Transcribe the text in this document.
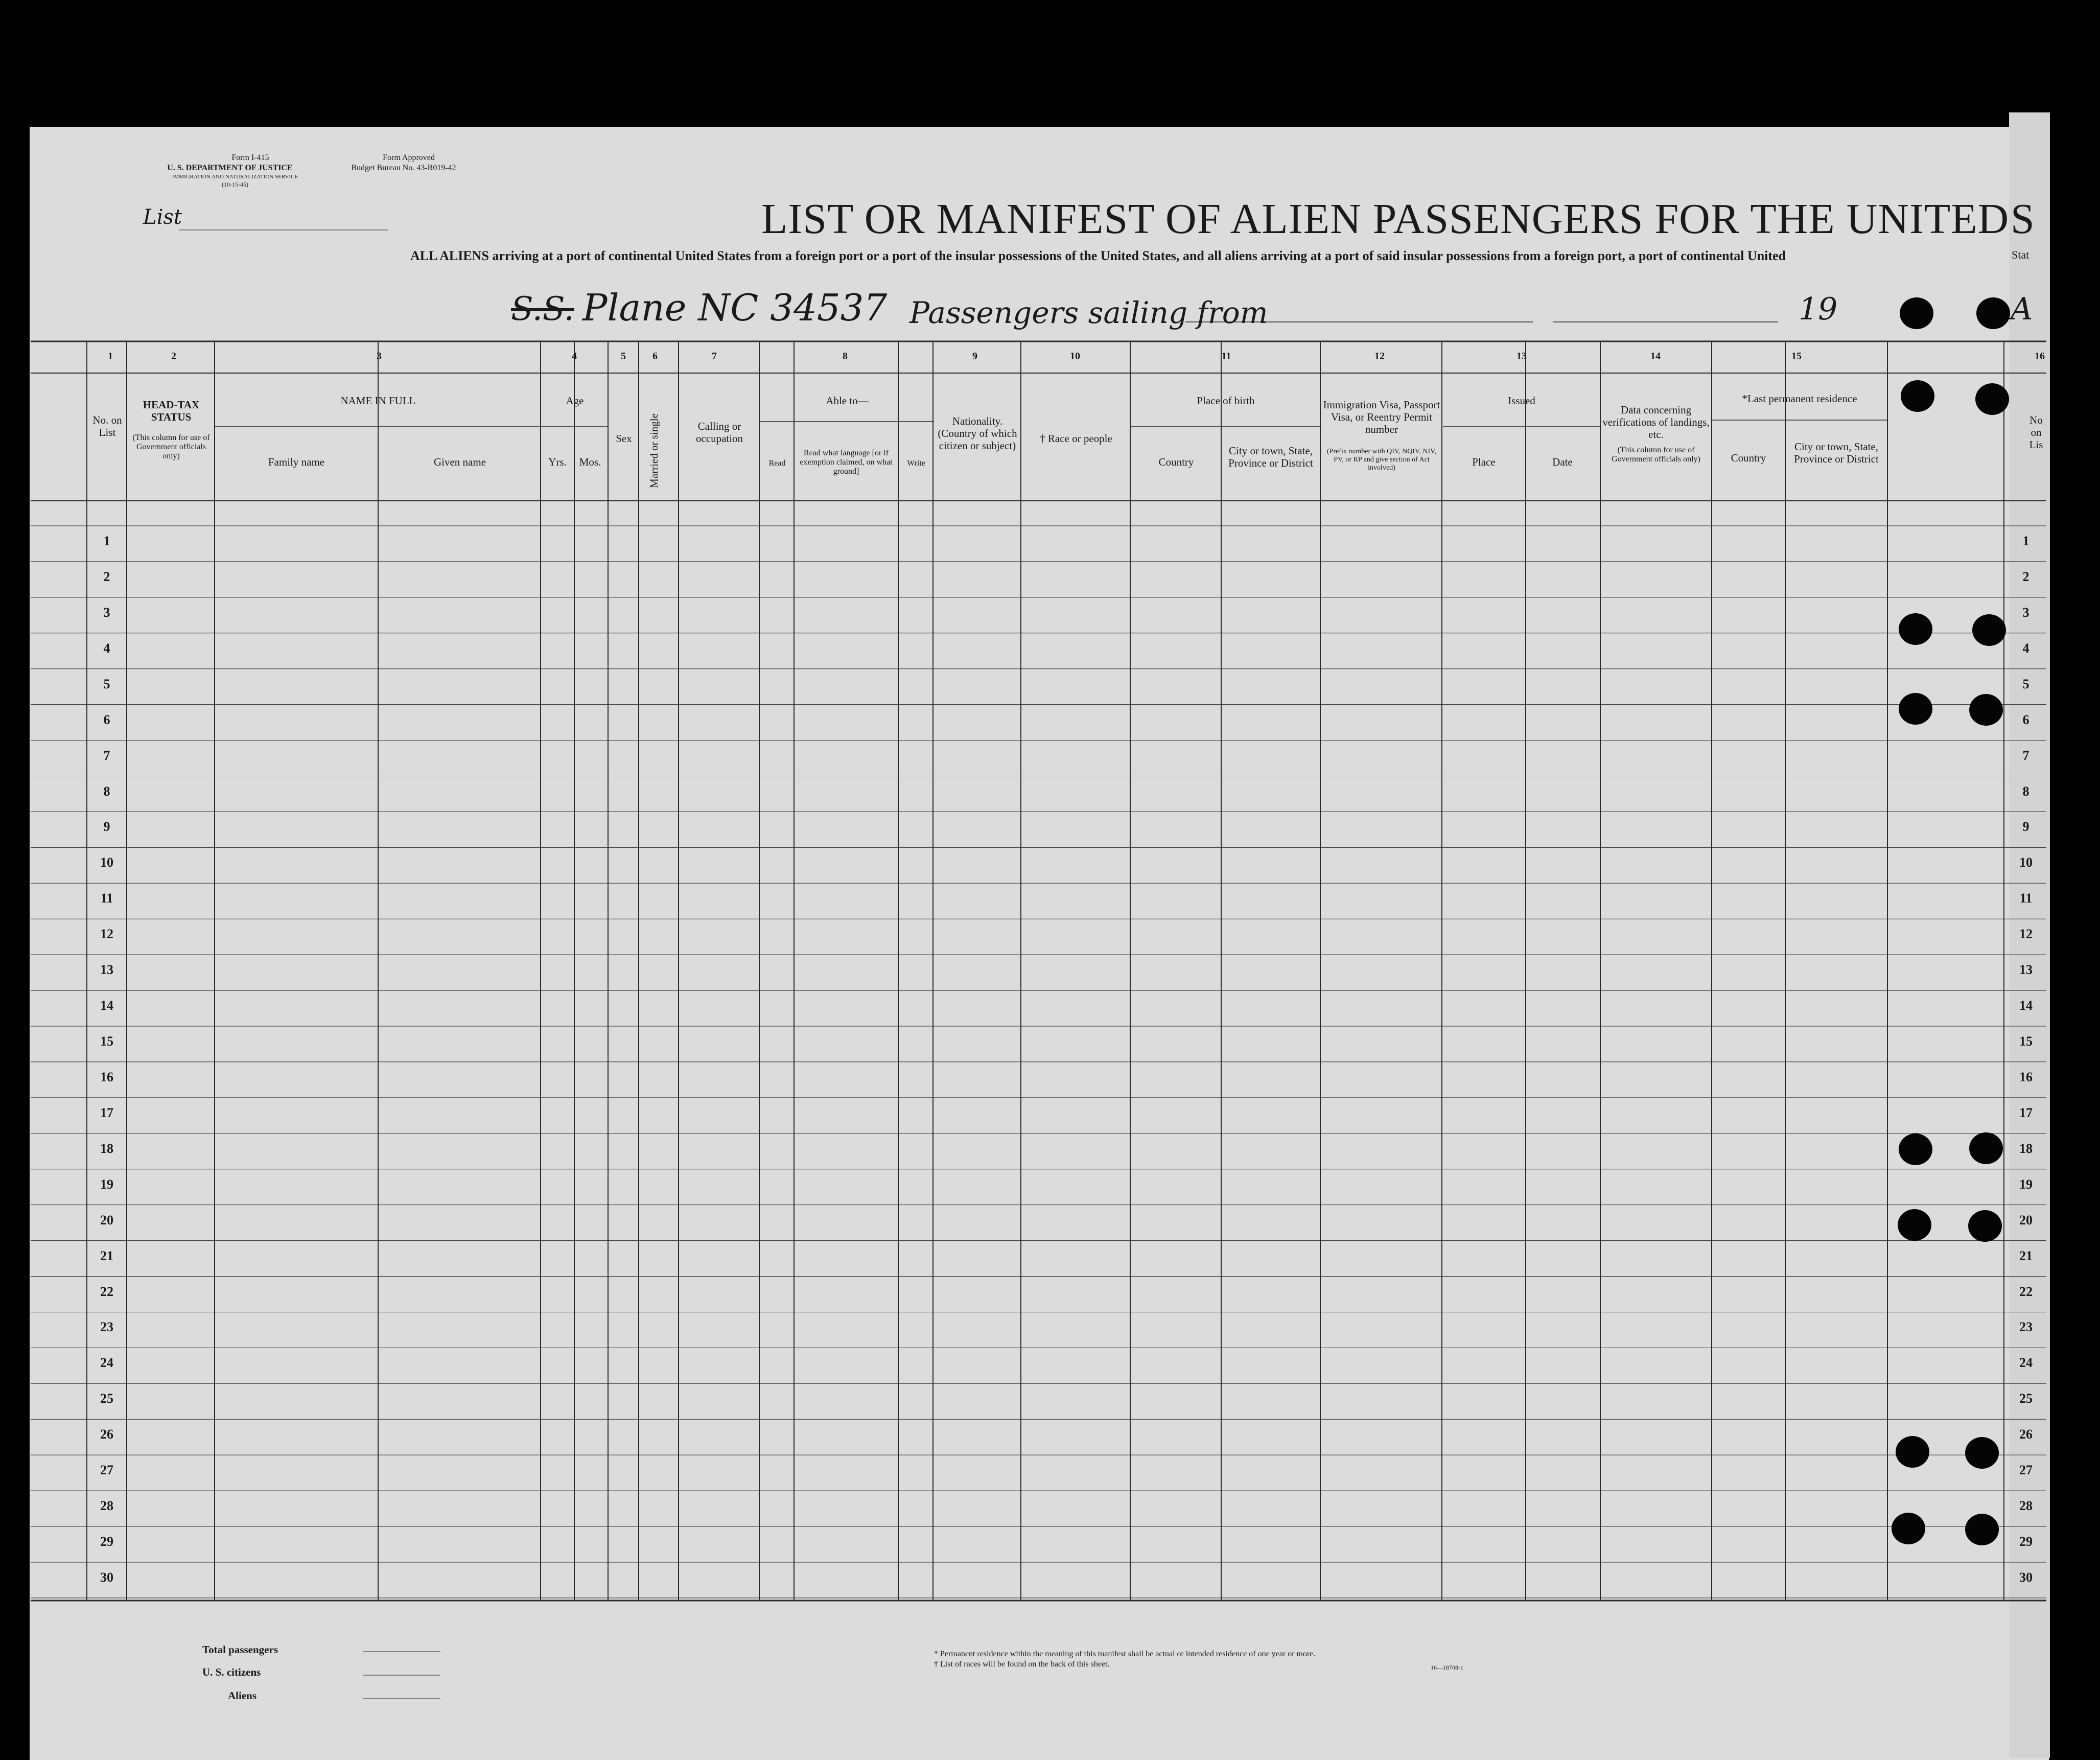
Form I-415
U. S. DEPARTMENT OF JUSTICE
IMMIGRATION AND NATURALIZATION SERVICE
(10-15-45)
Form Approved
Budget Bureau No. 43-R019-42
List	LIST OR MANIFEST OF ALIEN PASSENGERS FOR THE UNITED S
ALL ALIENS arriving at a port of continental United States from a foreign port or a port of the insular possessions of the United States, and all aliens arriving at a port of said insular possessions from a foreign port, a port of continental United	Stat
S.S. Plane NC 34537 Passengers sailing from	19	A
No. on List
HEAD-TAX STATUS
(This column for use of Government officials only)
NAME IN FULL
Family name	Given name
Age
Yrs.	Mos.
Sex	Married or single	Calling or occupation
Able to—
Read
Read what language [or if exemption claimed, on what ground]
Write
Nationality. (Country of which citizen or subject)
† Race or people
Place of birth
Country
City or town, State, Province or District
Immigration Visa, Passport Visa, or Reentry Permit number
(Prefix number with QIV, NQIV, NIV, PV, or RP and give section of Act involved)
Issued
Place	Date
Data concerning verifications of landings, etc.
(This column for use of Government officials only)
*Last permanent residence
Country
City or town, State, Province or District
No on Lis
1	2	3	4	5	6	7	8	9	10	11	12	13	14	15	16
1	1
2	2
3	3
4	4
5	5
6	6
7	7
8	8
9	9
10	10
11	11
12	12
13	13
14	14
15	15
16	16
17	17
18	18
19	19
20	20
21	21
22	22
23	23
24	24
25	25
26	26
27	27
28	28
29	29
30	30
Total passengers
U. S. citizens
Aliens
* Permanent residence within the meaning of this manifest shall be actual or intended residence of one year or more.
† List of races will be found on the back of this sheet.	16—18708-1
